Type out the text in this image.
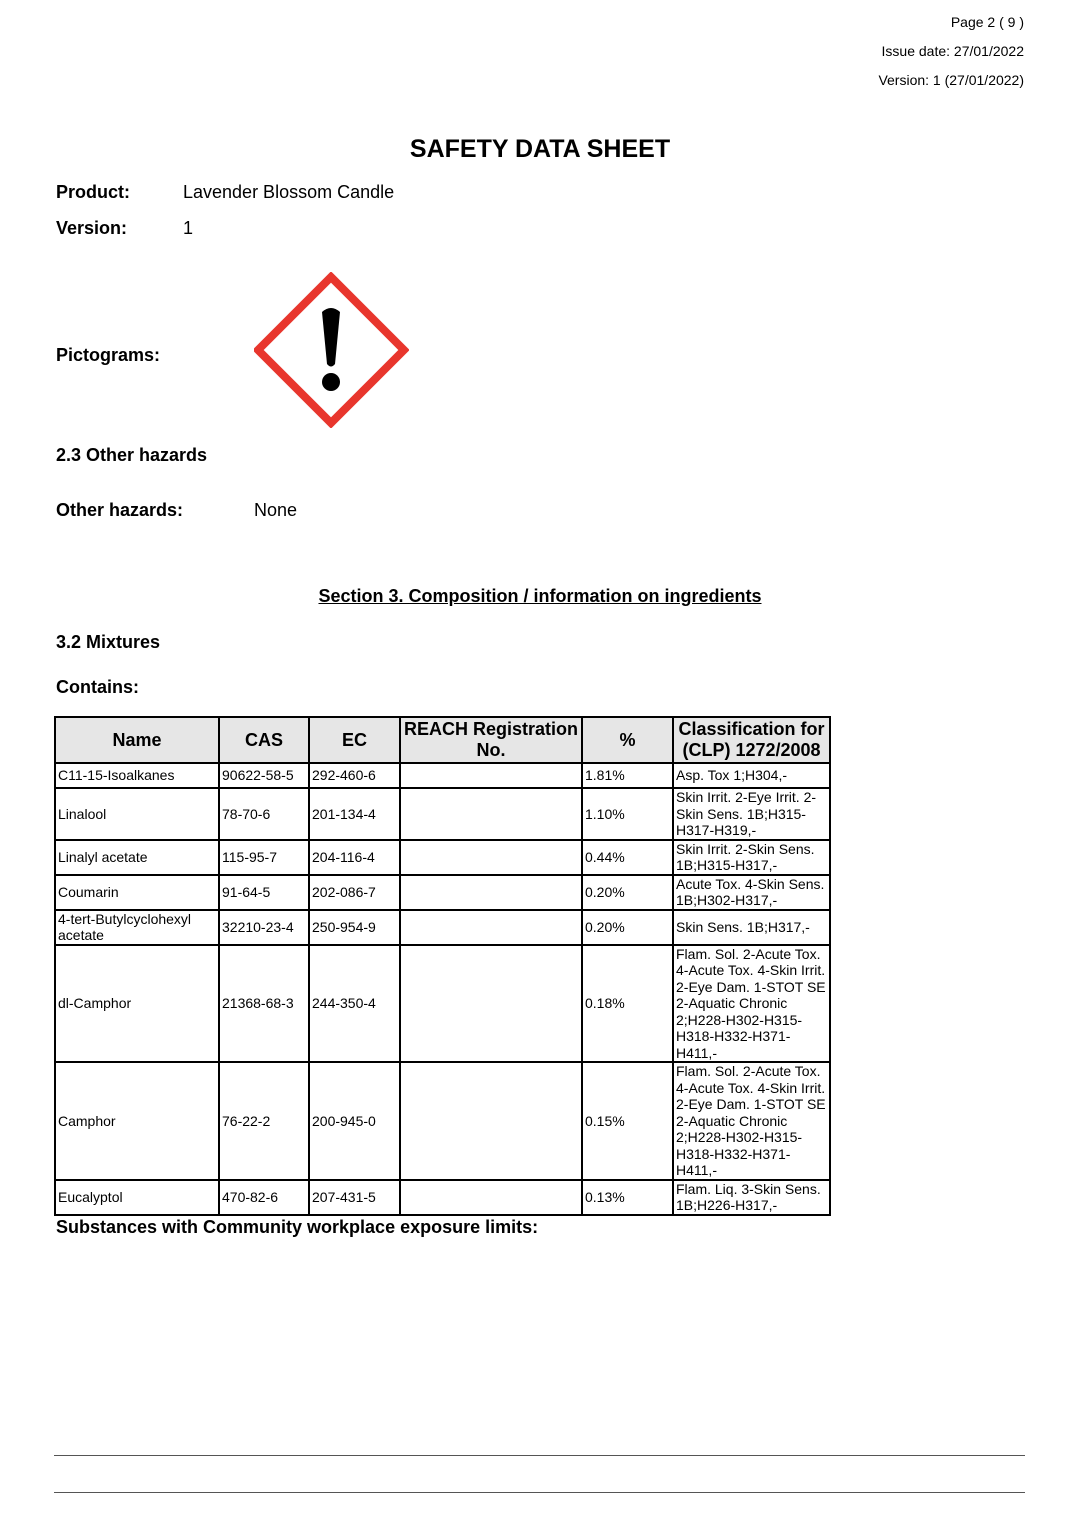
Page 2 ( 9 )
Issue date: 27/01/2022
Version: 1 (27/01/2022)
SAFETY DATA SHEET
Product:	Lavender Blossom Candle
Version:	1
Pictograms:
2.3 Other hazards
Other hazards:	None
Section 3. Composition / information on ingredients
3.2 Mixtures
Contains:
Name	CAS	EC	REACH Registration No.	%	Classification for (CLP) 1272/2008
C11-15-Isoalkanes	90622-58-5	292-460-6		1.81%	Asp. Tox 1;H304,-
Linalool	78-70-6	201-134-4		1.10%	Skin Irrit. 2-Eye Irrit. 2-Skin Sens. 1B;H315-H317-H319,-
Linalyl acetate	115-95-7	204-116-4		0.44%	Skin Irrit. 2-Skin Sens. 1B;H315-H317,-
Coumarin	91-64-5	202-086-7		0.20%	Acute Tox. 4-Skin Sens. 1B;H302-H317,-
4-tert-Butylcyclohexyl acetate	32210-23-4	250-954-9		0.20%	Skin Sens. 1B;H317,-
dl-Camphor	21368-68-3	244-350-4		0.18%	Flam. Sol. 2-Acute Tox. 4-Acute Tox. 4-Skin Irrit. 2-Eye Dam. 1-STOT SE 2-Aquatic Chronic 2;H228-H302-H315-H318-H332-H371-H411,-
Camphor	76-22-2	200-945-0		0.15%	Flam. Sol. 2-Acute Tox. 4-Acute Tox. 4-Skin Irrit. 2-Eye Dam. 1-STOT SE 2-Aquatic Chronic 2;H228-H302-H315-H318-H332-H371-H411,-
Eucalyptol	470-82-6	207-431-5		0.13%	Flam. Liq. 3-Skin Sens. 1B;H226-H317,-
Substances with Community workplace exposure limits:
